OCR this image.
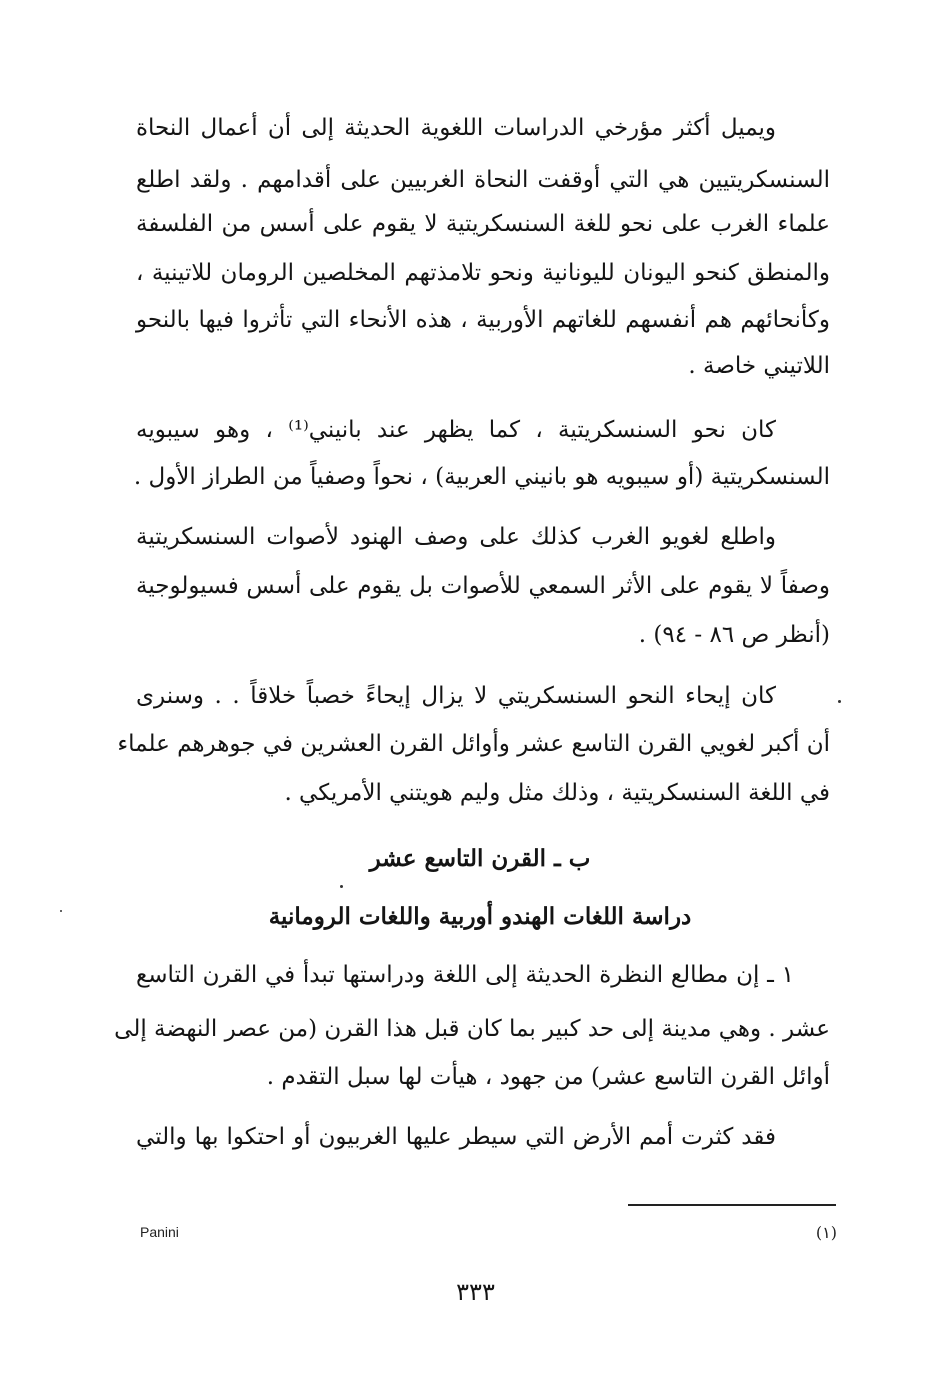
ويميل أكثر مؤرخي الدراسات اللغوية الحديثة إلى أن أعمال النحاة
السنسكريتيين هي التي أوقفت النحاة الغربيين على أقدامهم . ولقد اطلع
علماء الغرب على نحو للغة السنسكريتية لا يقوم على أسس من الفلسفة
والمنطق كنحو اليونان لليونانية ونحو تلامذتهم المخلصين الرومان للاتينية ،
وكأنحائهم هم أنفسهم للغاتهم الأوربية ، هذه الأنحاء التي تأثروا فيها بالنحو
اللاتيني خاصة .
كان نحو السنسكريتية ، كما يظهر عند بانيني⁽¹⁾ ، وهو سيبويه
السنسكريتية (أو سيبويه هو بانيني العربية) ، نحواً وصفياً من الطراز الأول .
واطلع لغويو الغرب كذلك على وصف الهنود لأصوات السنسكريتية
وصفاً لا يقوم على الأثر السمعي للأصوات بل يقوم على أسس فسيولوجية
(أنظر ص ٨٦ - ٩٤) .
كان إيحاء النحو السنسكريتي لا يزال إيحاءً خصباً خلاقاً . . وسنرى
أن أكبر لغويي القرن التاسع عشر وأوائل القرن العشرين في جوهرهم علماء
في اللغة السنسكريتية ، وذلك مثل وليم هويتني الأمريكي .
ب ـ القرن التاسع عشر
دراسة اللغات الهندو أوربية واللغات الرومانية
١ ـ إن مطالع النظرة الحديثة إلى اللغة ودراستها تبدأ في القرن التاسع
عشر . وهي مدينة إلى حد كبير بما كان قبل هذا القرن (من عصر النهضة إلى
أوائل القرن التاسع عشر) من جهود ، هيأت لها سبل التقدم .
فقد كثرت أمم الأرض التي سيطر عليها الغربيون أو احتكوا بها والتي
Panini	(١)
٣٣٣
